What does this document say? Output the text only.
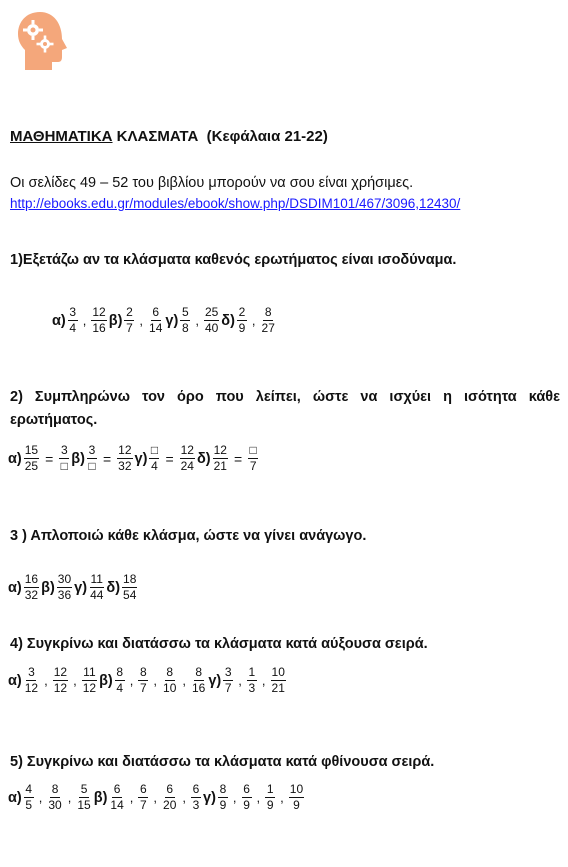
ΜΑΘΗΜΑΤΙΚΑ ΚΛΑΣΜΑΤΑ  (Κεφάλαια 21-22)
Οι σελίδες 49 – 52 του βιβλίου μπορούν να σου είναι χρήσιμες.
http://ebooks.edu.gr/modules/ebook/show.php/DSDIM101/467/3096,12430/
1)Εξετάζω αν τα κλάσματα καθενός ερωτήματος είναι ισοδύναμα.
$\alpha) \frac{3}{4}$ , $\frac{12}{16} \beta) \frac{2}{7}$ , $\frac{6}{14} \gamma) \frac{5}{8}$ , $\frac{25}{40} \delta) \frac{2}{9}$ , $\frac{8}{27}$
2) Συμπληρώνω τον όρο που λείπει, ώστε να ισχύει η ισότητα κάθε ερωτήματος.
$\alpha) \frac{15}{25} = \frac{3}{□} \beta) \frac{3}{□} = \frac{12}{32} \gamma) \frac{□}{4} = \frac{12}{24} \delta) \frac{12}{21} = \frac{□}{7}$
3 ) Απλοποιώ κάθε κλάσμα, ώστε να γίνει ανάγωγο.
$\alpha) \frac{16}{32} \beta) \frac{30}{36} \gamma) \frac{11}{44} \delta) \frac{18}{54}$
4) Συγκρίνω και διατάσσω τα κλάσματα κατά αύξουσα σειρά.
$\alpha) \frac{3}{12}$ , $\frac{12}{12}$ , $\frac{11}{12} \beta) \frac{8}{4}$ , $\frac{8}{7}$ , $\frac{8}{10}$ , $\frac{8}{16} \gamma) \frac{3}{7}$ , $\frac{1}{3}$ , $\frac{10}{21}$
5) Συγκρίνω και διατάσσω τα κλάσματα κατά φθίνουσα σειρά.
$\alpha) \frac{4}{5}$ , $\frac{8}{30}$ , $\frac{5}{15} \beta) \frac{6}{14}$ , $\frac{6}{7}$ , $\frac{6}{20}$ , $\frac{6}{3} \gamma) \frac{8}{9}$ , $\frac{6}{9}$ , $\frac{1}{9}$ , $\frac{10}{9}$
